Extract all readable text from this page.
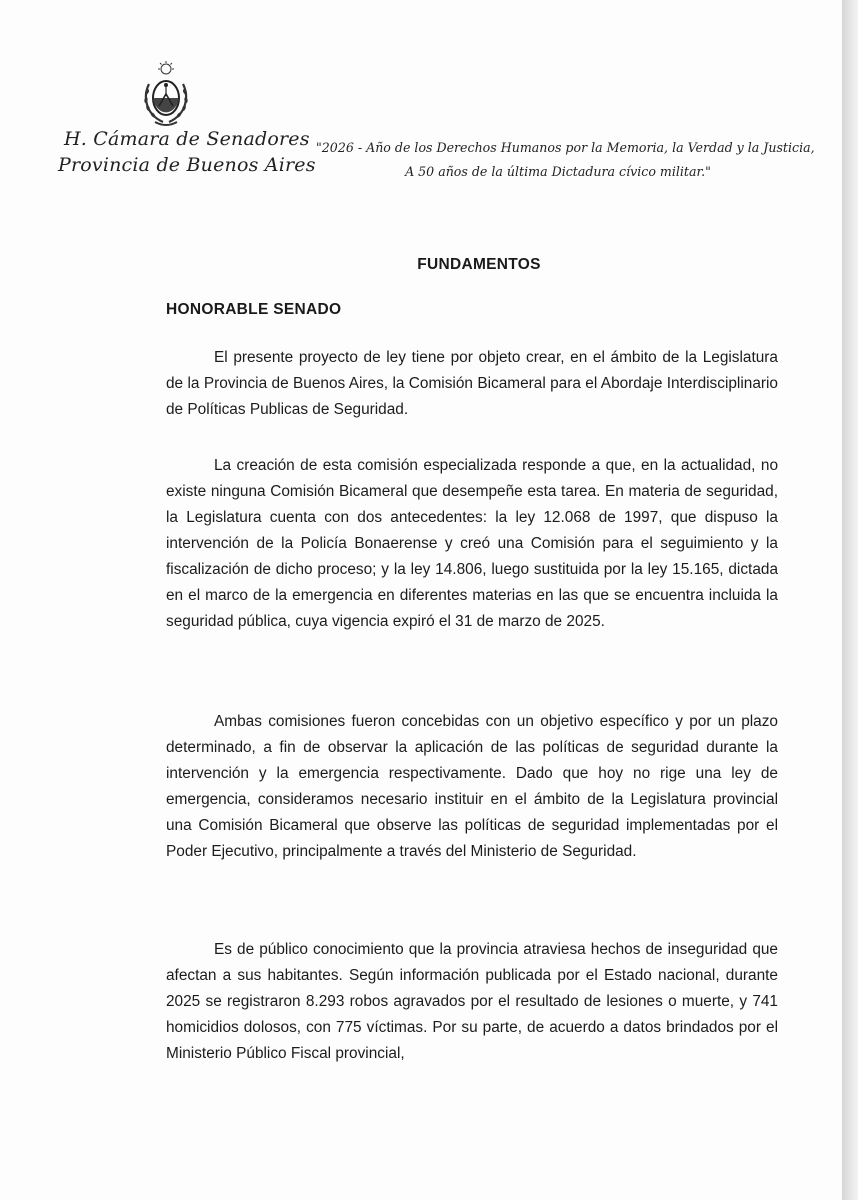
H. Cámara de Senadores
Provincia de Buenos Aires
"2026 - Año de los Derechos Humanos por la Memoria, la Verdad y la Justicia,
A 50 años de la última Dictadura cívico militar."
FUNDAMENTOS
HONORABLE SENADO

El presente proyecto de ley tiene por objeto crear, en el ámbito de la Legislatura de la Provincia de Buenos Aires, la Comisión Bicameral para el Abordaje Interdisciplinario de Políticas Publicas de Seguridad.

La creación de esta comisión especializada responde a que, en la actualidad, no existe ninguna Comisión Bicameral que desempeñe esta tarea. En materia de seguridad, la Legislatura cuenta con dos antecedentes: la ley 12.068 de 1997, que dispuso la intervención de la Policía Bonaerense y creó una Comisión para el seguimiento y la fiscalización de dicho proceso; y la ley 14.806, luego sustituida por la ley 15.165, dictada en el marco de la emergencia en diferentes materias en las que se encuentra incluida la seguridad pública, cuya vigencia expiró el 31 de marzo de 2025.

Ambas comisiones fueron concebidas con un objetivo específico y por un plazo determinado, a fin de observar la aplicación de las políticas de seguridad durante la intervención y la emergencia respectivamente. Dado que hoy no rige una ley de emergencia, consideramos necesario instituir en el ámbito de la Legislatura provincial una Comisión Bicameral que observe las políticas de seguridad implementadas por el Poder Ejecutivo, principalmente a través del Ministerio de Seguridad.

Es de público conocimiento que la provincia atraviesa hechos de inseguridad que afectan a sus habitantes. Según información publicada por el Estado nacional, durante 2025 se registraron 8.293 robos agravados por el resultado de lesiones o muerte, y 741 homicidios dolosos, con 775 víctimas. Por su parte, de acuerdo a datos brindados por el Ministerio Público Fiscal provincial,
